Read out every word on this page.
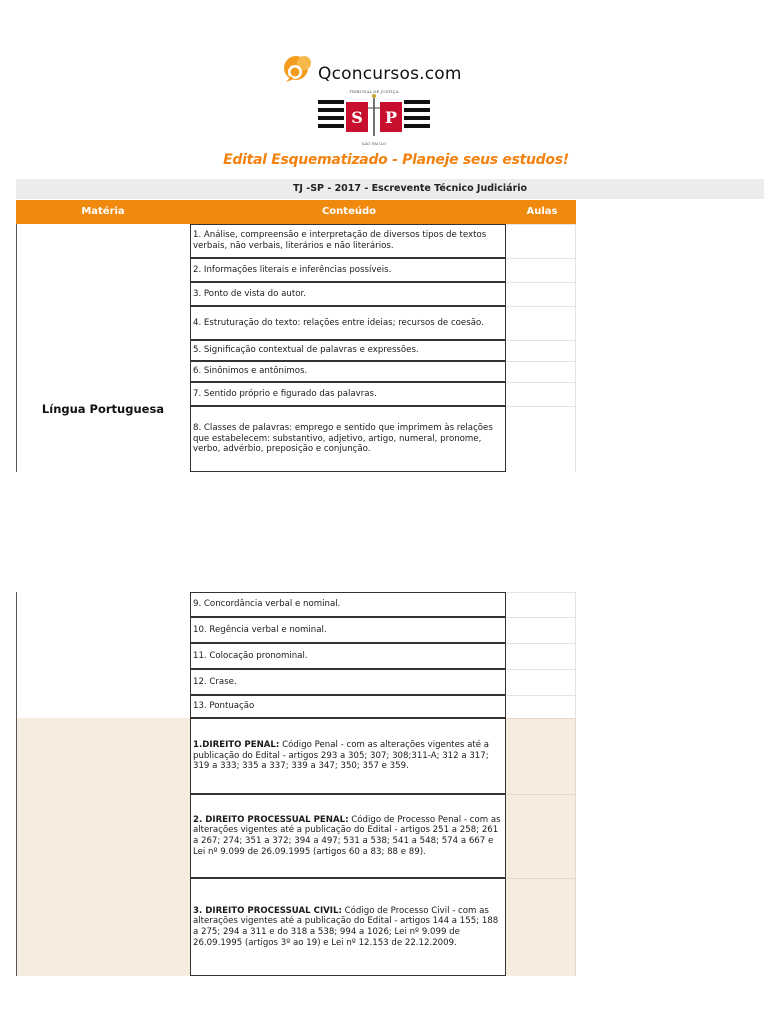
Qconcursos.com
S P
TRIBUNAL DE JUSTIÇA
SÃO PAULO
Edital Esquematizado - Planeje seus estudos!
TJ -SP - 2017 - Escrevente Técnico Judiciário
Matéria	Conteúdo	Aulas
Língua Portuguesa
1. Análise, compreensão e interpretação de diversos tipos de textos verbais, não verbais, literários e não literários.
2. Informações literais e inferências possíveis.
3. Ponto de vista do autor.
4. Estruturação do texto: relações entre ideias; recursos de coesão.
5. Significação contextual de palavras e expressões.
6. Sinônimos e antônimos.
7. Sentido próprio e figurado das palavras.
8. Classes de palavras: emprego e sentido que imprimem às relações que estabelecem: substantivo, adjetivo, artigo, numeral, pronome, verbo, advérbio, preposição e conjunção.
9. Concordância verbal e nominal.
10. Regência verbal e nominal.
11. Colocação pronominal.
12. Crase.
13. Pontuação
1.DIREITO PENAL: Código Penal - com as alterações vigentes até a publicação do Edital - artigos 293 a 305; 307; 308;311-A; 312 a 317; 319 a 333; 335 a 337; 339 a 347; 350; 357 e 359.
2. DIREITO PROCESSUAL PENAL: Código de Processo Penal - com as alterações vigentes até a publicação do Edital - artigos 251 a 258; 261 a 267; 274; 351 a 372; 394 a 497; 531 a 538; 541 a 548; 574 a 667 e Lei nº 9.099 de 26.09.1995 (artigos 60 a 83; 88 e 89).
3. DIREITO PROCESSUAL CIVIL: Código de Processo Civil - com as alterações vigentes até a publicação do Edital - artigos 144 a 155; 188 a 275; 294 a 311 e do 318 a 538; 994 a 1026; Lei nº 9.099 de 26.09.1995 (artigos 3º ao 19) e Lei nº 12.153 de 22.12.2009.
